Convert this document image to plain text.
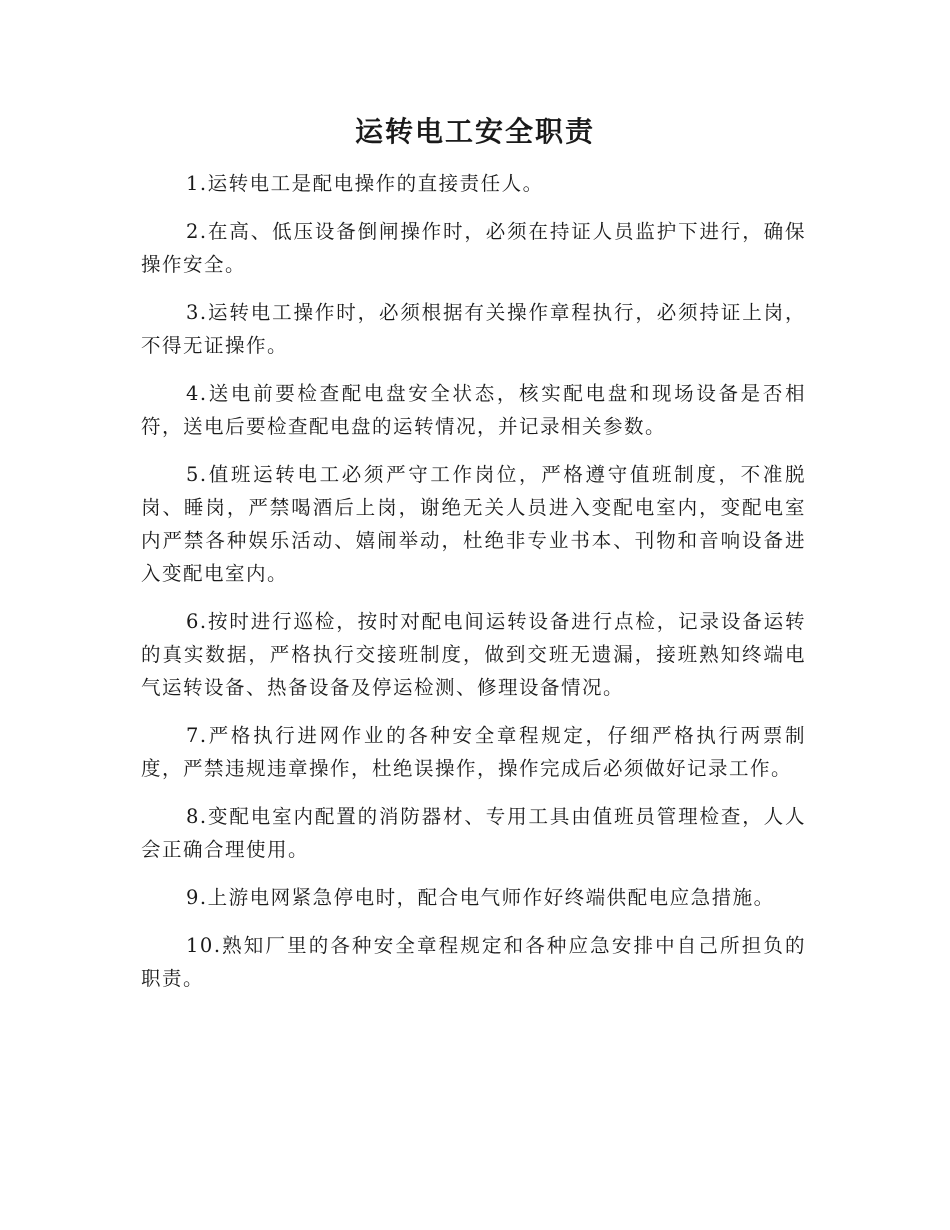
运转电工安全职责

1.运转电工是配电操作的直接责任人。

2.在高、低压设备倒闸操作时，必须在持证人员监护下进行，确保操作安全。

3.运转电工操作时，必须根据有关操作章程执行，必须持证上岗，不得无证操作。

4.送电前要检查配电盘安全状态，核实配电盘和现场设备是否相符，送电后要检查配电盘的运转情况，并记录相关参数。

5.值班运转电工必须严守工作岗位，严格遵守值班制度，不准脱岗、睡岗，严禁喝酒后上岗，谢绝无关人员进入变配电室内，变配电室内严禁各种娱乐活动、嬉闹举动，杜绝非专业书本、刊物和音响设备进入变配电室内。

6.按时进行巡检，按时对配电间运转设备进行点检，记录设备运转的真实数据，严格执行交接班制度，做到交班无遗漏，接班熟知终端电气运转设备、热备设备及停运检测、修理设备情况。

7.严格执行进网作业的各种安全章程规定，仔细严格执行两票制度，严禁违规违章操作，杜绝误操作，操作完成后必须做好记录工作。

8.变配电室内配置的消防器材、专用工具由值班员管理检查，人人会正确合理使用。

9.上游电网紧急停电时，配合电气师作好终端供配电应急措施。

10.熟知厂里的各种安全章程规定和各种应急安排中自己所担负的职责。
